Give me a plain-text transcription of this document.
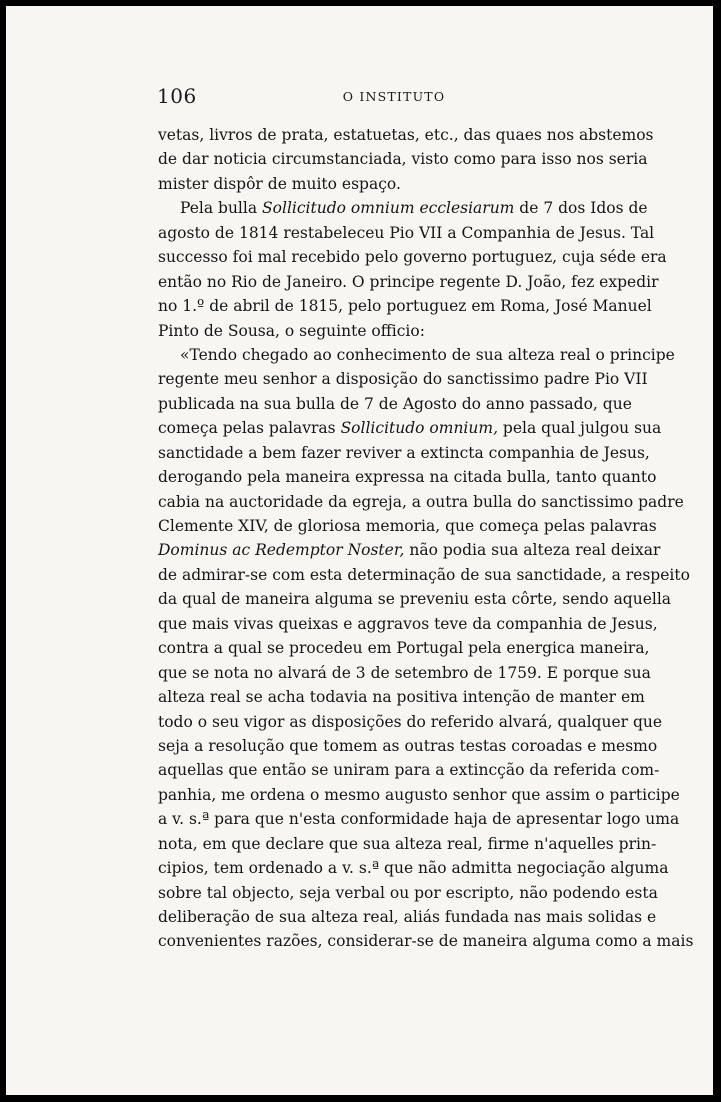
106	O INSTITUTO
vetas, livros de prata, estatuetas, etc., das quaes nos abstemos
de dar noticia circumstanciada, visto como para isso nos seria
mister dispôr de muito espaço.
Pela bulla Sollicitudo omnium ecclesiarum de 7 dos Idos de
agosto de 1814 restabeleceu Pio VII a Companhia de Jesus. Tal
successo foi mal recebido pelo governo portuguez, cuja séde era
então no Rio de Janeiro. O principe regente D. João, fez expedir
no 1.º de abril de 1815, pelo portuguez em Roma, José Manuel
Pinto de Sousa, o seguinte officio:
«Tendo chegado ao conhecimento de sua alteza real o principe
regente meu senhor a disposição do sanctissimo padre Pio VII
publicada na sua bulla de 7 de Agosto do anno passado, que
começa pelas palavras Sollicitudo omnium, pela qual julgou sua
sanctidade a bem fazer reviver a extincta companhia de Jesus,
derogando pela maneira expressa na citada bulla, tanto quanto
cabia na auctoridade da egreja, a outra bulla do sanctissimo padre
Clemente XIV, de gloriosa memoria, que começa pelas palavras
Dominus ac Redemptor Noster, não podia sua alteza real deixar
de admirar-se com esta determinação de sua sanctidade, a respeito
da qual de maneira alguma se preveniu esta côrte, sendo aquella
que mais vivas queixas e aggravos teve da companhia de Jesus,
contra a qual se procedeu em Portugal pela energica maneira,
que se nota no alvará de 3 de setembro de 1759. E porque sua
alteza real se acha todavia na positiva intenção de manter em
todo o seu vigor as disposições do referido alvará, qualquer que
seja a resolução que tomem as outras testas coroadas e mesmo
aquellas que então se uniram para a extincção da referida com-
panhia, me ordena o mesmo augusto senhor que assim o participe
a v. s.ª para que n'esta conformidade haja de apresentar logo uma
nota, em que declare que sua alteza real, firme n'aquelles prin-
cipios, tem ordenado a v. s.ª que não admitta negociação alguma
sobre tal objecto, seja verbal ou por escripto, não podendo esta
deliberação de sua alteza real, aliás fundada nas mais solidas e
convenientes razões, considerar-se de maneira alguma como a mais
